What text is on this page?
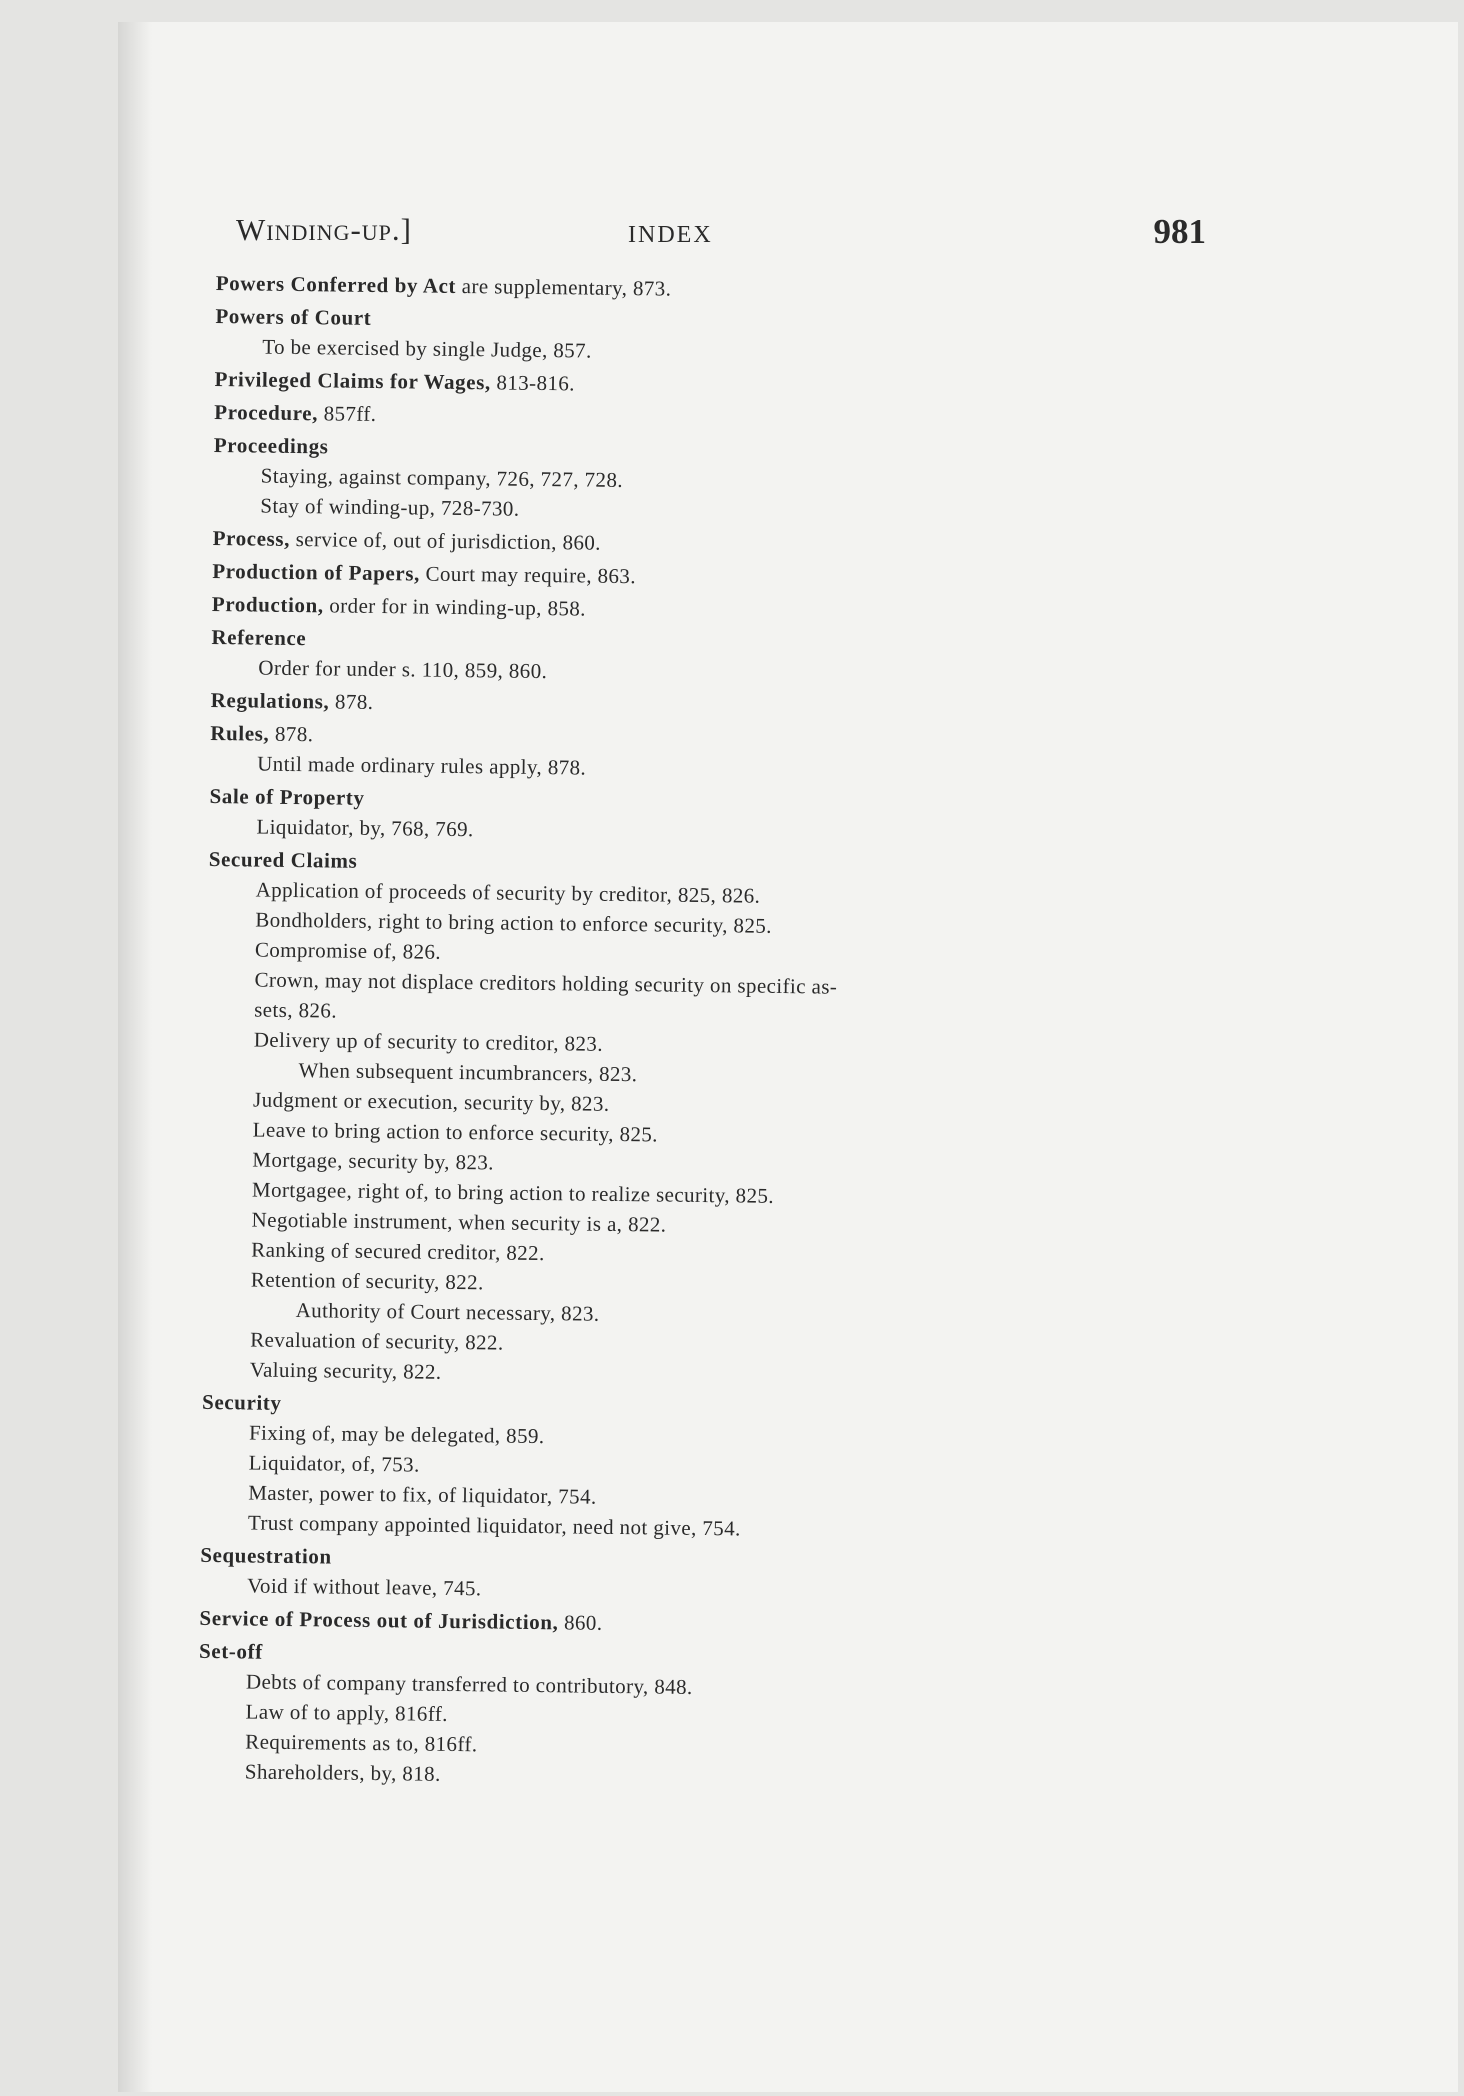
Winding-up.]	INDEX	981
Powers Conferred by Act are supplementary, 873.
Powers of Court
To be exercised by single Judge, 857.
Privileged Claims for Wages, 813-816.
Procedure, 857ff.
Proceedings
Staying, against company, 726, 727, 728.
Stay of winding-up, 728-730.
Process, service of, out of jurisdiction, 860.
Production of Papers, Court may require, 863.
Production, order for in winding-up, 858.
Reference
Order for under s. 110, 859, 860.
Regulations, 878.
Rules, 878.
Until made ordinary rules apply, 878.
Sale of Property
Liquidator, by, 768, 769.
Secured Claims
Application of proceeds of security by creditor, 825, 826.
Bondholders, right to bring action to enforce security, 825.
Compromise of, 826.
Crown, may not displace creditors holding security on specific as-
sets, 826.
Delivery up of security to creditor, 823.
When subsequent incumbrancers, 823.
Judgment or execution, security by, 823.
Leave to bring action to enforce security, 825.
Mortgage, security by, 823.
Mortgagee, right of, to bring action to realize security, 825.
Negotiable instrument, when security is a, 822.
Ranking of secured creditor, 822.
Retention of security, 822.
Authority of Court necessary, 823.
Revaluation of security, 822.
Valuing security, 822.
Security
Fixing of, may be delegated, 859.
Liquidator, of, 753.
Master, power to fix, of liquidator, 754.
Trust company appointed liquidator, need not give, 754.
Sequestration
Void if without leave, 745.
Service of Process out of Jurisdiction, 860.
Set-off
Debts of company transferred to contributory, 848.
Law of to apply, 816ff.
Requirements as to, 816ff.
Shareholders, by, 818.
